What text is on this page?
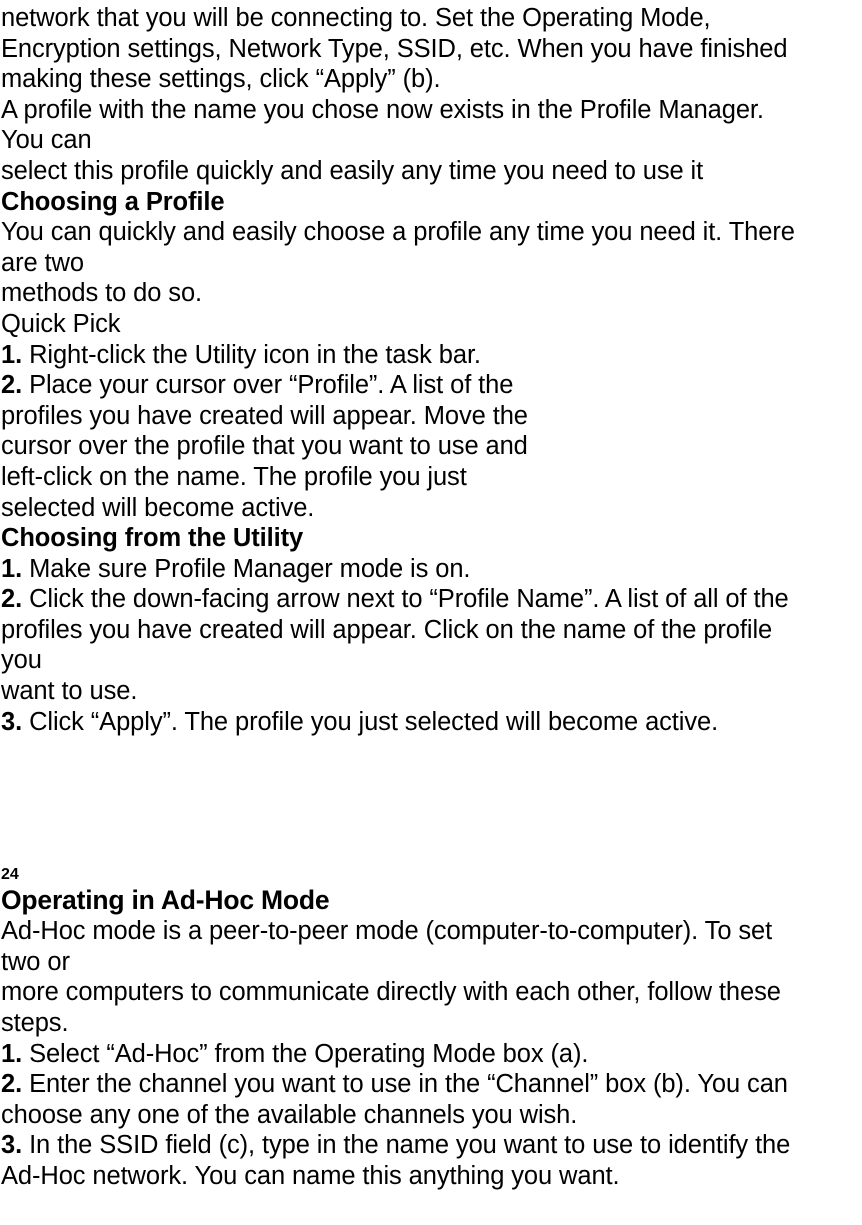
network that you will be connecting to. Set the Operating Mode,
Encryption settings, Network Type, SSID, etc. When you have finished
making these settings, click “Apply” (b).
A profile with the name you chose now exists in the Profile Manager.
You can
select this profile quickly and easily any time you need to use it
Choosing a Profile
You can quickly and easily choose a profile any time you need it. There
are two
methods to do so.
Quick Pick
1. Right-click the Utility icon in the task bar.
2. Place your cursor over “Profile”. A list of the
profiles you have created will appear. Move the
cursor over the profile that you want to use and
left-click on the name. The profile you just
selected will become active.
Choosing from the Utility
1. Make sure Profile Manager mode is on.
2. Click the down-facing arrow next to “Profile Name”. A list of all of the
profiles you have created will appear. Click on the name of the profile
you
want to use.
3. Click “Apply”. The profile you just selected will become active.
24
Operating in Ad-Hoc Mode
Ad-Hoc mode is a peer-to-peer mode (computer-to-computer). To set
two or
more computers to communicate directly with each other, follow these
steps.
1. Select “Ad-Hoc” from the Operating Mode box (a).
2. Enter the channel you want to use in the “Channel” box (b). You can
choose any one of the available channels you wish.
3. In the SSID field (c), type in the name you want to use to identify the
Ad-Hoc network. You can name this anything you want.
